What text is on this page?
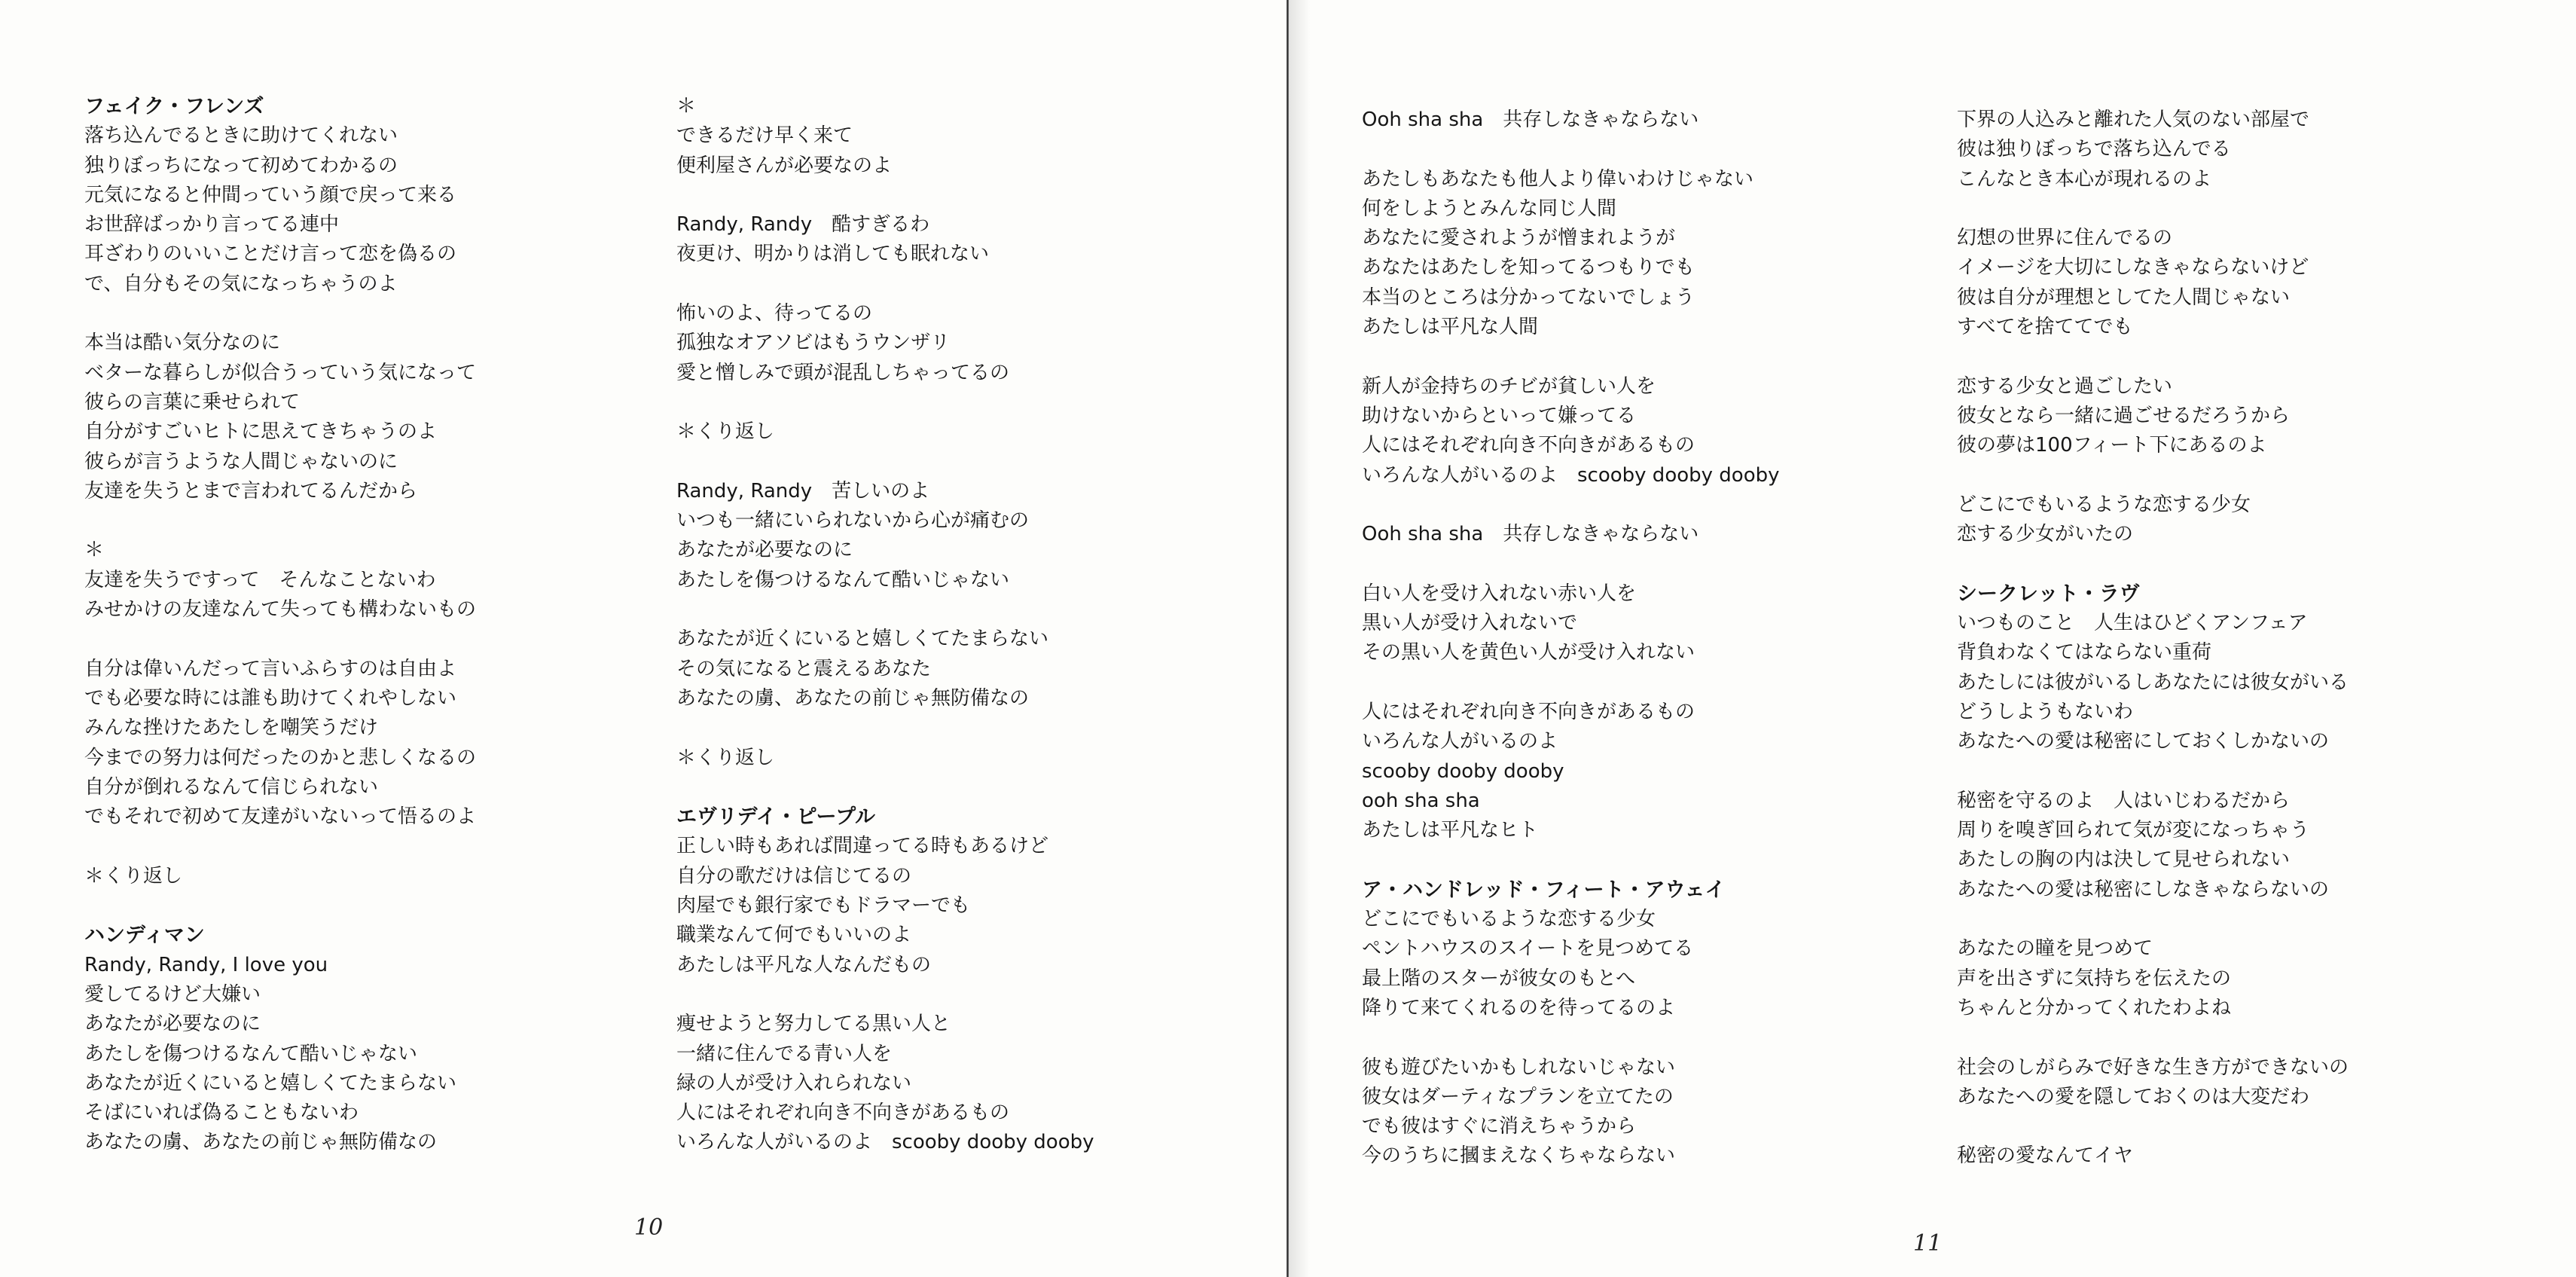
フェイク・フレンズ
落ち込んでるときに助けてくれない
独りぼっちになって初めてわかるの
元気になると仲間っていう顔で戻って来る
お世辞ばっかり言ってる連中
耳ざわりのいいことだけ言って恋を偽るの
で、自分もその気になっちゃうのよ
本当は酷い気分なのに
ベターな暮らしが似合うっていう気になって
彼らの言葉に乗せられて
自分がすごいヒトに思えてきちゃうのよ
彼らが言うような人間じゃないのに
友達を失うとまで言われてるんだから
＊
友達を失うですって　そんなことないわ
みせかけの友達なんて失っても構わないもの
自分は偉いんだって言いふらすのは自由よ
でも必要な時には誰も助けてくれやしない
みんな挫けたあたしを嘲笑うだけ
今までの努力は何だったのかと悲しくなるの
自分が倒れるなんて信じられない
でもそれで初めて友達がいないって悟るのよ
＊くり返し
ハンディマン
Randy, Randy, I love you
愛してるけど大嫌い
あなたが必要なのに
あたしを傷つけるなんて酷いじゃない
あなたが近くにいると嬉しくてたまらない
そばにいれば偽ることもないわ
あなたの虜、あなたの前じゃ無防備なの
＊
できるだけ早く来て
便利屋さんが必要なのよ
Randy, Randy　酷すぎるわ
夜更け、明かりは消しても眠れない
怖いのよ、待ってるの
孤独なオアソビはもうウンザリ
愛と憎しみで頭が混乱しちゃってるの
＊くり返し
Randy, Randy　苦しいのよ
いつも一緒にいられないから心が痛むの
あなたが必要なのに
あたしを傷つけるなんて酷いじゃない
あなたが近くにいると嬉しくてたまらない
その気になると震えるあなた
あなたの虜、あなたの前じゃ無防備なの
＊くり返し
エヴリデイ・ピープル
正しい時もあれば間違ってる時もあるけど
自分の歌だけは信じてるの
肉屋でも銀行家でもドラマーでも
職業なんて何でもいいのよ
あたしは平凡な人なんだもの
痩せようと努力してる黒い人と
一緒に住んでる青い人を
緑の人が受け入れられない
人にはそれぞれ向き不向きがあるもの
いろんな人がいるのよ　scooby dooby dooby
Ooh sha sha　共存しなきゃならない
あたしもあなたも他人より偉いわけじゃない
何をしようとみんな同じ人間
あなたに愛されようが憎まれようが
あなたはあたしを知ってるつもりでも
本当のところは分かってないでしょう
あたしは平凡な人間
新人が金持ちのチビが貧しい人を
助けないからといって嫌ってる
人にはそれぞれ向き不向きがあるもの
いろんな人がいるのよ　scooby dooby dooby
Ooh sha sha　共存しなきゃならない
白い人を受け入れない赤い人を
黒い人が受け入れないで
その黒い人を黄色い人が受け入れない
人にはそれぞれ向き不向きがあるもの
いろんな人がいるのよ
scooby dooby dooby
ooh sha sha
あたしは平凡なヒト
ア・ハンドレッド・フィート・アウェイ
どこにでもいるような恋する少女
ペントハウスのスイートを見つめてる
最上階のスターが彼女のもとへ
降りて来てくれるのを待ってるのよ
彼も遊びたいかもしれないじゃない
彼女はダーティなプランを立てたの
でも彼はすぐに消えちゃうから
今のうちに摑まえなくちゃならない
下界の人込みと離れた人気のない部屋で
彼は独りぼっちで落ち込んでる
こんなとき本心が現れるのよ
幻想の世界に住んでるの
イメージを大切にしなきゃならないけど
彼は自分が理想としてた人間じゃない
すべてを捨ててでも
恋する少女と過ごしたい
彼女となら一緒に過ごせるだろうから
彼の夢は100フィート下にあるのよ
どこにでもいるような恋する少女
恋する少女がいたの
シークレット・ラヴ
いつものこと　人生はひどくアンフェア
背負わなくてはならない重荷
あたしには彼がいるしあなたには彼女がいる
どうしようもないわ
あなたへの愛は秘密にしておくしかないの
秘密を守るのよ　人はいじわるだから
周りを嗅ぎ回られて気が変になっちゃう
あたしの胸の内は決して見せられない
あなたへの愛は秘密にしなきゃならないの
あなたの瞳を見つめて
声を出さずに気持ちを伝えたの
ちゃんと分かってくれたわよね
社会のしがらみで好きな生き方ができないの
あなたへの愛を隠しておくのは大変だわ
秘密の愛なんてイヤ
10
11
